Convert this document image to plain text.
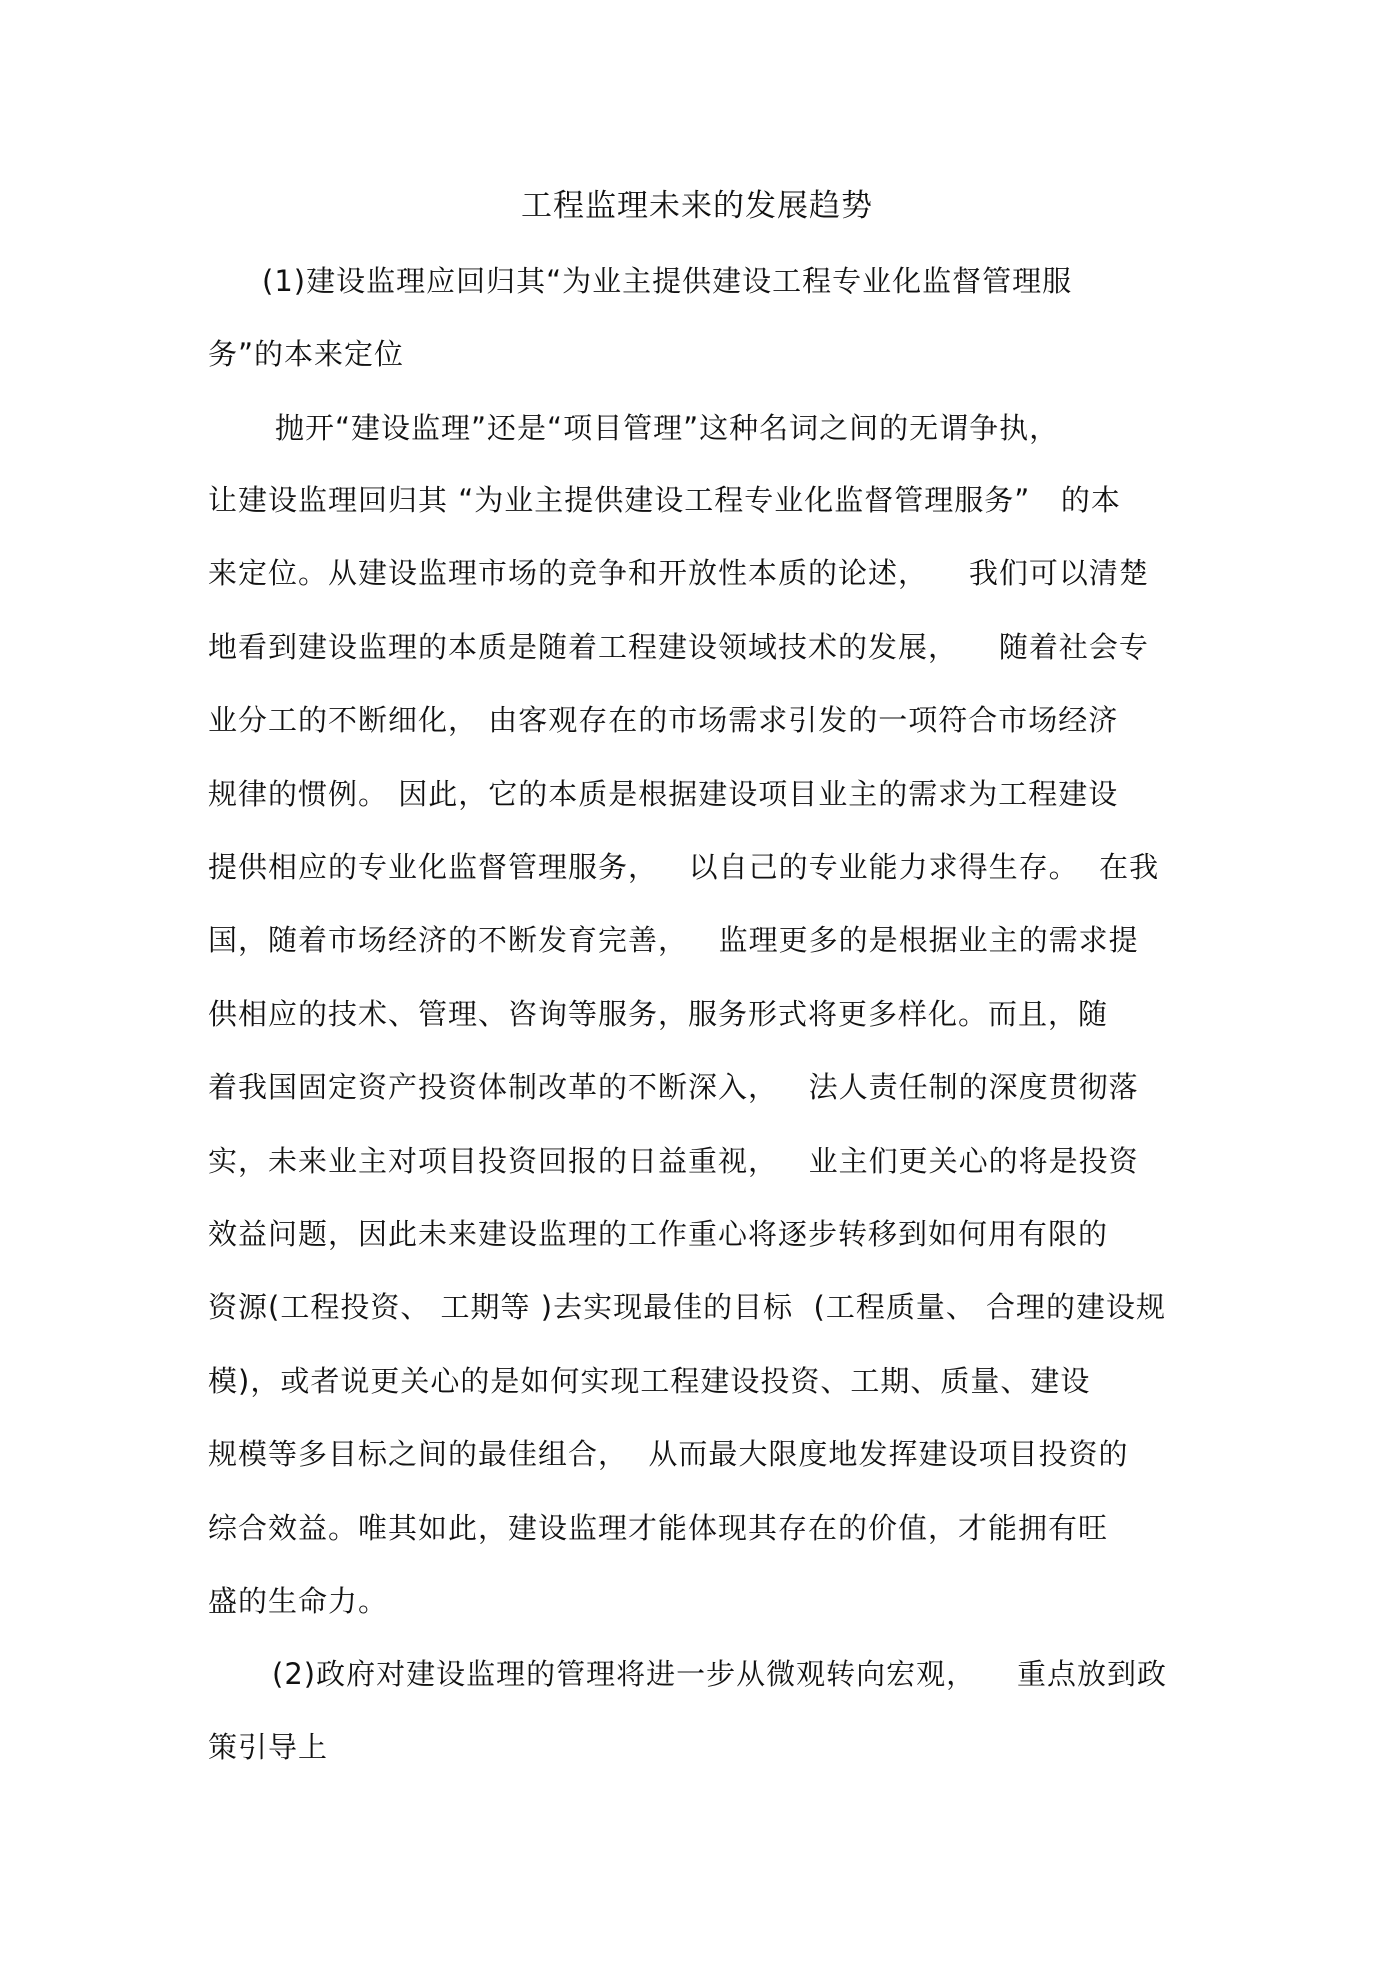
工程监理未来的发展趋势
(1)建设监理应回归其“为业主提供建设工程专业化监督管理服
务”的本来定位
抛开“建设监理”还是“项目管理”这种名词之间的无谓争执，
让建设监理回归其 “为业主提供建设工程专业化监督管理服务”   的本
来定位。从建设监理市场的竞争和开放性本质的论述，    我们可以清楚
地看到建设监理的本质是随着工程建设领域技术的发展，    随着社会专
业分工的不断细化， 由客观存在的市场需求引发的一项符合市场经济
规律的惯例。 因此，它的本质是根据建设项目业主的需求为工程建设
提供相应的专业化监督管理服务，   以自己的专业能力求得生存。  在我
国，随着市场经济的不断发育完善，   监理更多的是根据业主的需求提
供相应的技术、管理、咨询等服务，服务形式将更多样化。而且，随
着我国固定资产投资体制改革的不断深入，   法人责任制的深度贯彻落
实，未来业主对项目投资回报的日益重视，   业主们更关心的将是投资
效益问题，因此未来建设监理的工作重心将逐步转移到如何用有限的
资源(工程投资、 工期等 )去实现最佳的目标  (工程质量、 合理的建设规
模)，或者说更关心的是如何实现工程建设投资、工期、质量、建设
规模等多目标之间的最佳组合，  从而最大限度地发挥建设项目投资的
综合效益。唯其如此，建设监理才能体现其存在的价值，才能拥有旺
盛的生命力。
(2)政府对建设监理的管理将进一步从微观转向宏观，    重点放到政
策引导上
